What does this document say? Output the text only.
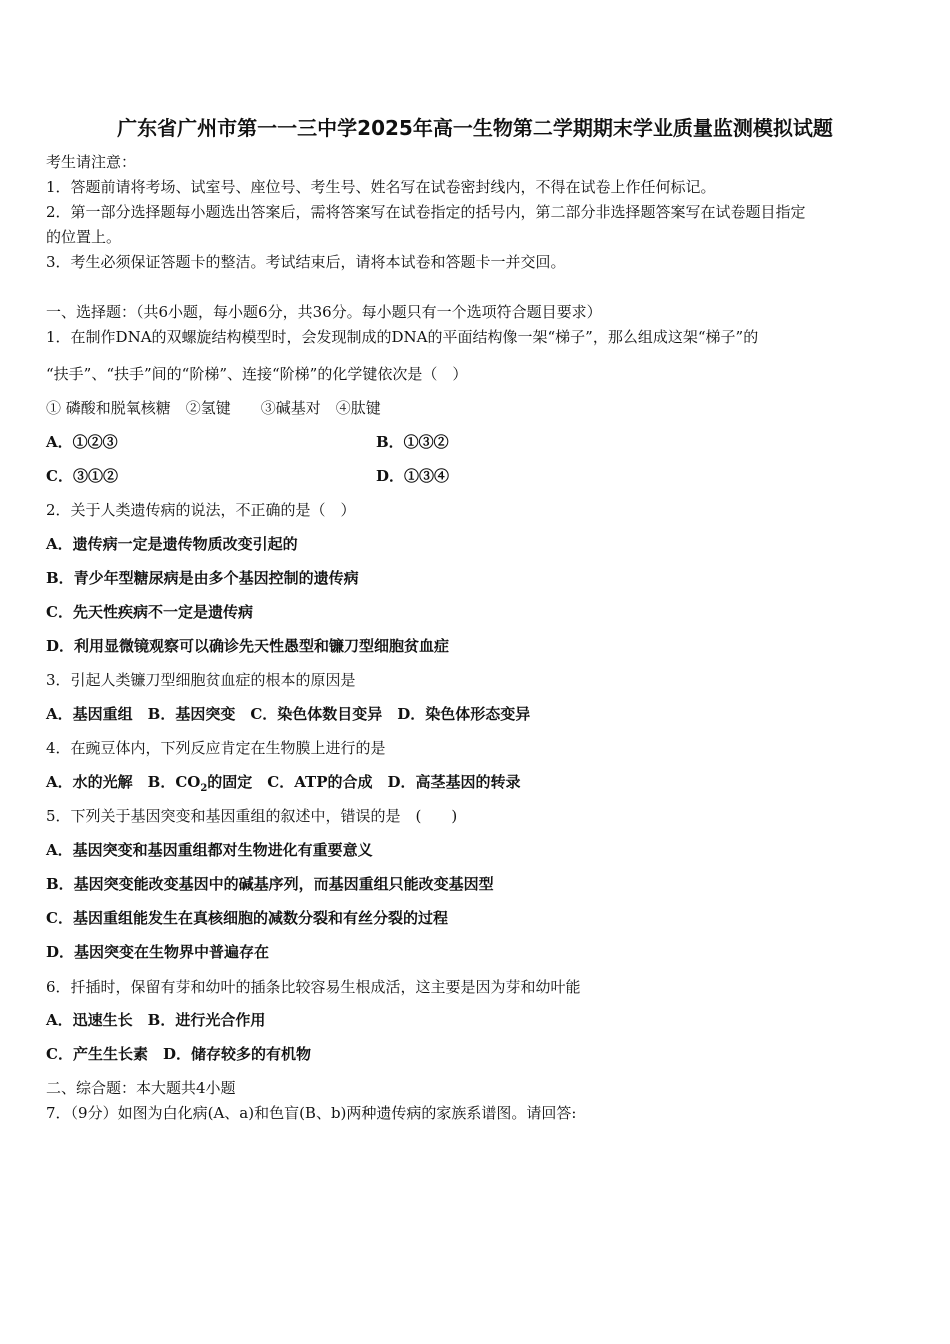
广东省广州市第一一三中学2025年高一生物第二学期期末学业质量监测模拟试题
考生请注意：
1．答题前请将考场、试室号、座位号、考生号、姓名写在试卷密封线内，不得在试卷上作任何标记。
2．第一部分选择题每小题选出答案后，需将答案写在试卷指定的括号内，第二部分非选择题答案写在试卷题目指定
的位置上。
3．考生必须保证答题卡的整洁。考试结束后，请将本试卷和答题卡一并交回。
一、选择题：（共6小题，每小题6分，共36分。每小题只有一个选项符合题目要求）
1．在制作DNA的双螺旋结构模型时，会发现制成的DNA的平面结构像一架“梯子”，那么组成这架“梯子”的
“扶手”、“扶手”间的“阶梯”、连接“阶梯”的化学键依次是（　）
① 磷酸和脱氧核糖　②氢键　　③碱基对　④肽键
A．①②③	B．①③②
C．③①②	D．①③④
2．关于人类遗传病的说法，不正确的是（　）
A．遗传病一定是遗传物质改变引起的
B．青少年型糖尿病是由多个基因控制的遗传病
C．先天性疾病不一定是遗传病
D．利用显微镜观察可以确诊先天性愚型和镰刀型细胞贫血症
3．引起人类镰刀型细胞贫血症的根本的原因是
A．基因重组　B．基因突变　C．染色体数目变异　D．染色体形态变异
4．在豌豆体内，下列反应肯定在生物膜上进行的是
A．水的光解　B．$CO_2$的固定　C．ATP的合成　D．高茎基因的转录
5．下列关于基因突变和基因重组的叙述中，错误的是　(　　)
A．基因突变和基因重组都对生物进化有重要意义
B．基因突变能改变基因中的碱基序列，而基因重组只能改变基因型
C．基因重组能发生在真核细胞的减数分裂和有丝分裂的过程
D．基因突变在生物界中普遍存在
6．扦插时，保留有芽和幼叶的插条比较容易生根成活，这主要是因为芽和幼叶能
A．迅速生长　B．进行光合作用
C．产生生长素　D．储存较多的有机物
二、综合题：本大题共4小题
7．（9分）如图为白化病(A、a)和色盲(B、b)两种遗传病的家族系谱图。请回答:
